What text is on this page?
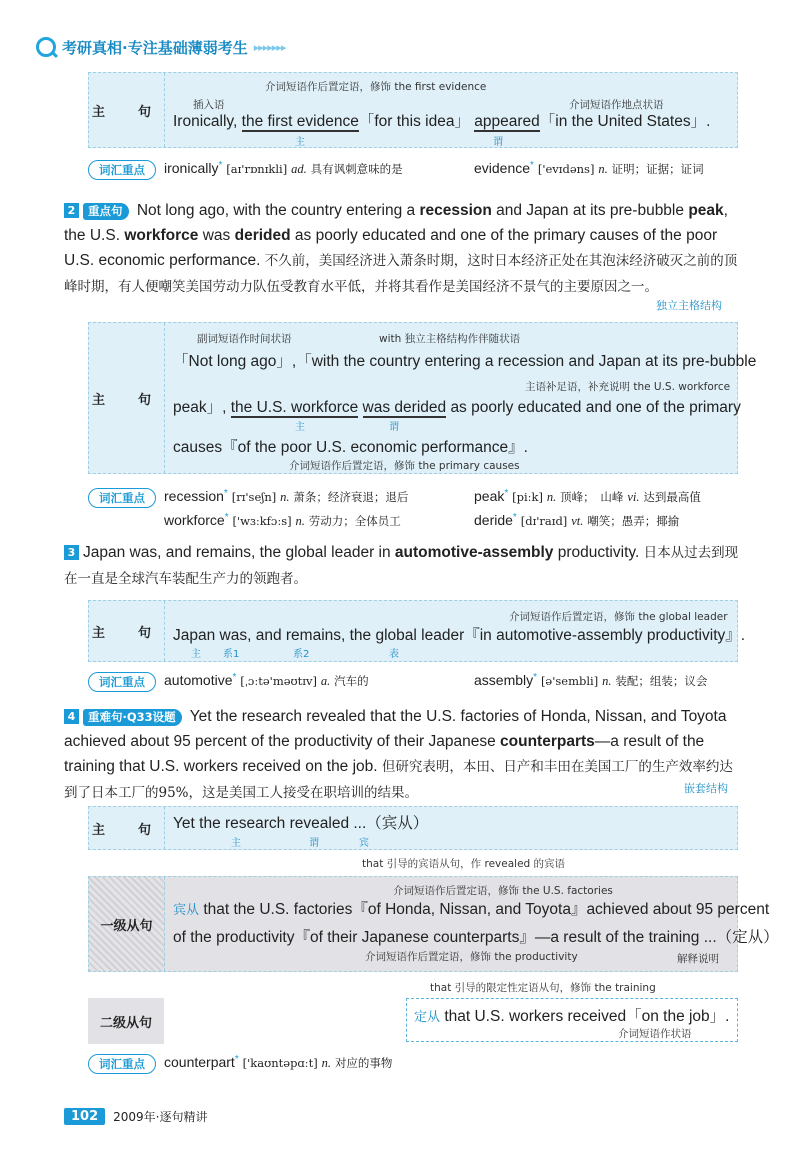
考研真相·专注基础薄弱考生 ▸▸▸▸▸▸▸
主　句
介词短语作后置定语，修饰 the first evidence
插入语	介词短语作地点状语
Ironically, the first evidence「for this idea」 appeared「in the United States」.
主	谓
词汇重点	ironically* [aɪ'rɒnɪkli] ad. 具有讽刺意味的是	evidence* ['evɪdəns] n. 证明；证据；证词
2 重点句 Not long ago, with the country entering a recession and Japan at its pre-bubble peak, the U.S. workforce was derided as poorly educated and one of the primary causes of the poor U.S. economic performance. 不久前，美国经济进入萧条时期，这时日本经济正处在其泡沫经济破灭之前的顶峰时期，有人便嘲笑美国劳动力队伍受教育水平低，并将其看作是美国经济不景气的主要原因之一。
独立主格结构
主　句
副词短语作时间状语	with 独立主格结构作伴随状语
「Not long ago」,「with the country entering a recession and Japan at its pre-bubble
主语补足语，补充说明 the U.S. workforce
peak」, the U.S. workforce was derided as poorly educated and one of the primary
主	谓
causes『of the poor U.S. economic performance』.
介词短语作后置定语，修饰 the primary causes
词汇重点	recession* [rɪ'seʃn] n. 萧条；经济衰退；退后	peak* [piːk] n. 顶峰；　山峰 vi. 达到最高值
workforce* ['wɜːkfɔːs] n. 劳动力；全体员工	deride* [dɪ'raɪd] vt. 嘲笑；愚弄；揶揄
3 Japan was, and remains, the global leader in automotive-assembly productivity. 日本从过去到现在一直是全球汽车装配生产力的领跑者。
主　句
介词短语作后置定语，修饰 the global leader
Japan was, and remains, the global leader『in automotive-assembly productivity』.
主 系1	系2	表
词汇重点	automotive* [ˌɔːtə'məʊtɪv] a. 汽车的	assembly* [ə'sembli] n. 装配；组装；议会
4 重难句·Q33设题 Yet the research revealed that the U.S. factories of Honda, Nissan, and Toyota achieved about 95 percent of the productivity of their Japanese counterparts—a result of the training that U.S. workers received on the job. 但研究表明，本田、日产和丰田在美国工厂的生产效率约达到了日本工厂的95%，这是美国工人接受在职培训的结果。	嵌套结构
主　句 Yet the research revealed ...（宾从）
主	谓	宾
that 引导的宾语从句，作 revealed 的宾语
一级从句
介词短语作后置定语，修饰 the U.S. factories
宾从 that the U.S. factories『of Honda, Nissan, and Toyota』achieved about 95 percent
of the productivity『of their Japanese counterparts』—a result of the training ...（定从）
介词短语作后置定语，修饰 the productivity	解释说明
that 引导的限定性定语从句，修饰 the training
二级从句	定从 that U.S. workers received「on the job」.
介词短语作状语
词汇重点	counterpart* ['kaʊntəpɑːt] n. 对应的事物
102	2009年·逐句精讲
